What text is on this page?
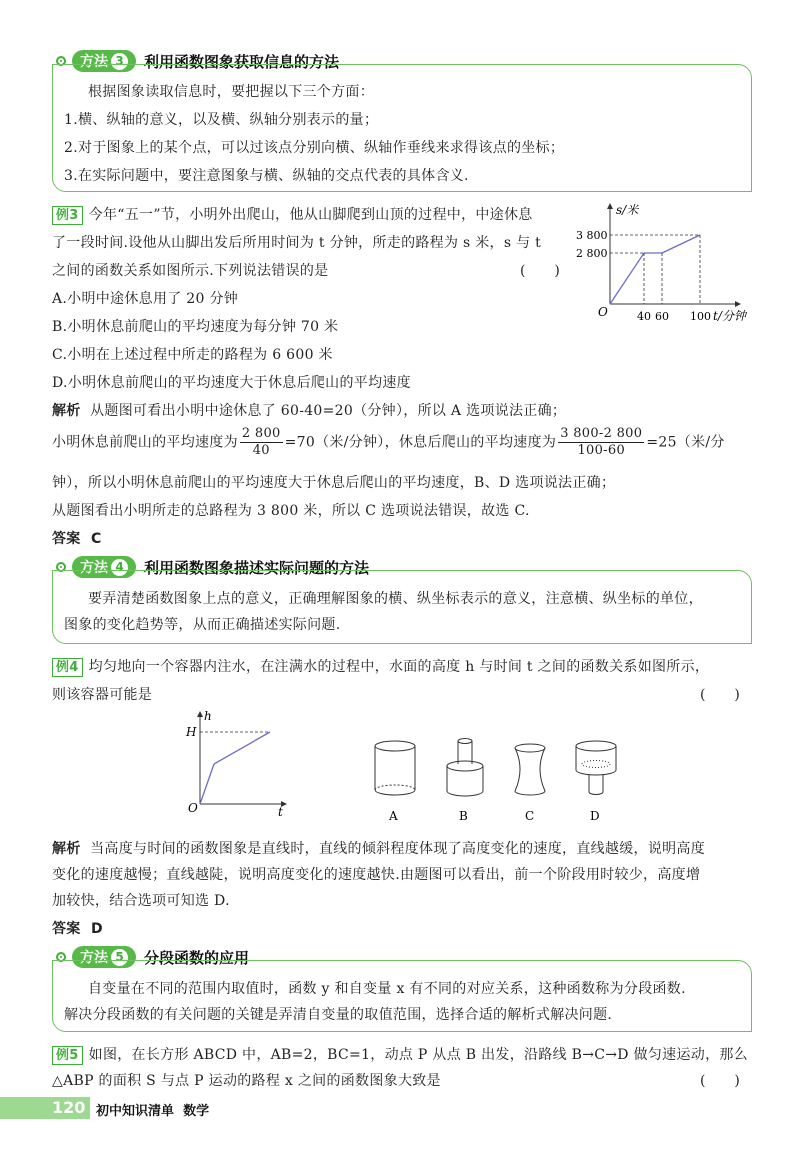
方法 3 利用函数图象获取信息的方法
根据图象读取信息时，要把握以下三个方面：
1.横、纵轴的意义，以及横、纵轴分别表示的量；
2.对于图象上的某个点，可以过该点分别向横、纵轴作垂线来求得该点的坐标；
3.在实际问题中，要注意图象与横、纵轴的交点代表的具体含义.
例3 今年“五一”节，小明外出爬山，他从山脚爬到山顶的过程中，中途休息
了一段时间.设他从山脚出发后所用时间为 t 分钟，所走的路程为 s 米，s 与 t
之间的函数关系如图所示.下列说法错误的是	(　　)
A.小明中途休息用了 20 分钟
B.小明休息前爬山的平均速度为每分钟 70 米
C.小明在上述过程中所走的路程为 6 600 米
D.小明休息前爬山的平均速度大于休息后爬山的平均速度
s/米
3 800
2 800
O	40 60 100 t/分钟
解析 从题图可看出小明中途休息了 60-40=20（分钟），所以 A 选项说法正确；
小明休息前爬山的平均速度为 $\frac{2 800}{40} =70$（米/分钟），休息后爬山的平均速度为 $\frac{3 800-2 800}{100-60} =25$（米/分
钟），所以小明休息前爬山的平均速度大于休息后爬山的平均速度，B、D 选项说法正确；
从题图看出小明所走的总路程为 3 800 米，所以 C 选项说法错误，故选 C.
答案 C
方法 4 利用函数图象描述实际问题的方法
要弄清楚函数图象上点的意义，正确理解图象的横、纵坐标表示的意义，注意横、纵坐标的单位，
图象的变化趋势等，从而正确描述实际问题.
例4 均匀地向一个容器内注水，在注满水的过程中，水面的高度 h 与时间 t 之间的函数关系如图所示，
则该容器可能是	(　　)
h
H
O	t	A	B	C	D
解析 当高度与时间的函数图象是直线时，直线的倾斜程度体现了高度变化的速度，直线越缓，说明高度
变化的速度越慢；直线越陡，说明高度变化的速度越快.由题图可以看出，前一个阶段用时较少，高度增
加较快，结合选项可知选 D.
答案 D
方法 5 分段函数的应用
自变量在不同的范围内取值时，函数 y 和自变量 x 有不同的对应关系，这种函数称为分段函数.
解决分段函数的有关问题的关键是弄清自变量的取值范围，选择合适的解析式解决问题.
例5 如图，在长方形 ABCD 中，AB=2，BC=1，动点 P 从点 B 出发，沿路线 B→C→D 做匀速运动，那么
△ABP 的面积 S 与点 P 运动的路程 x 之间的函数图象大致是	(　　)
120 初中知识清单 数学
